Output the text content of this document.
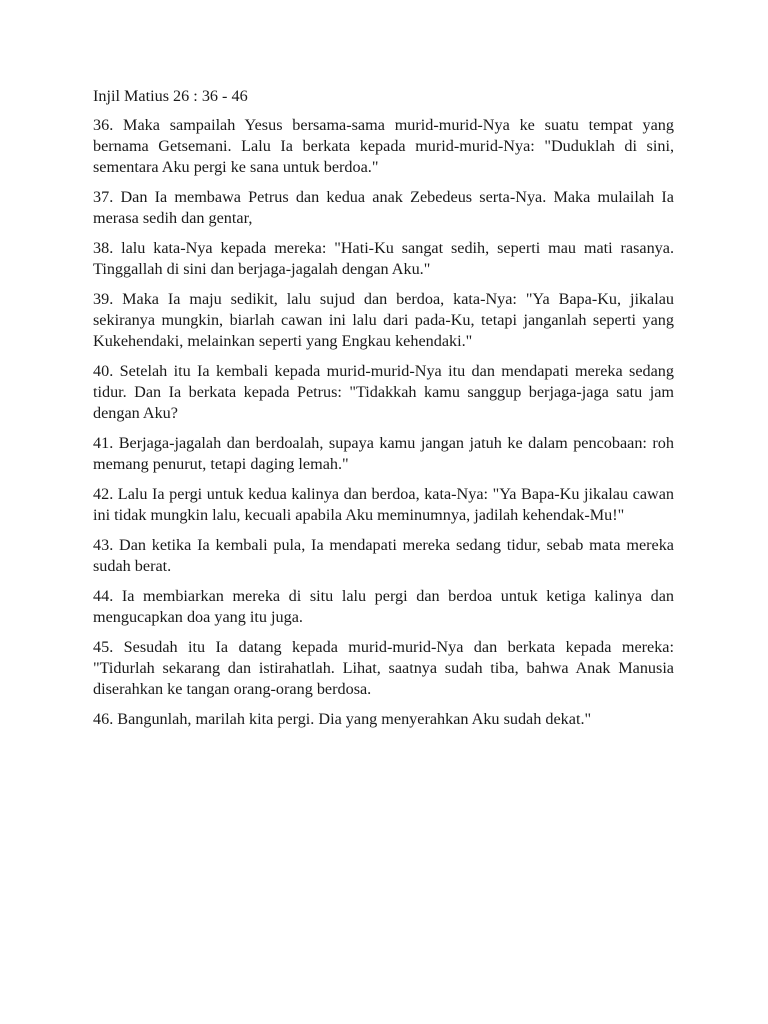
Injil Matius 26 : 36 - 46

36. Maka sampailah Yesus bersama-sama murid-murid-Nya ke suatu tempat yang bernama Getsemani. Lalu Ia berkata kepada murid-murid-Nya: "Duduklah di sini, sementara Aku pergi ke sana untuk berdoa."

37. Dan Ia membawa Petrus dan kedua anak Zebedeus serta-Nya. Maka mulailah Ia merasa sedih dan gentar,

38. lalu kata-Nya kepada mereka: "Hati-Ku sangat sedih, seperti mau mati rasanya. Tinggallah di sini dan berjaga-jagalah dengan Aku."

39. Maka Ia maju sedikit, lalu sujud dan berdoa, kata-Nya: "Ya Bapa-Ku, jikalau sekiranya mungkin, biarlah cawan ini lalu dari pada-Ku, tetapi janganlah seperti yang Kukehendaki, melainkan seperti yang Engkau kehendaki."

40. Setelah itu Ia kembali kepada murid-murid-Nya itu dan mendapati mereka sedang tidur. Dan Ia berkata kepada Petrus: "Tidakkah kamu sanggup berjaga-jaga satu jam dengan Aku?

41. Berjaga-jagalah dan berdoalah, supaya kamu jangan jatuh ke dalam pencobaan: roh memang penurut, tetapi daging lemah."

42. Lalu Ia pergi untuk kedua kalinya dan berdoa, kata-Nya: "Ya Bapa-Ku jikalau cawan ini tidak mungkin lalu, kecuali apabila Aku meminumnya, jadilah kehendak-Mu!"

43. Dan ketika Ia kembali pula, Ia mendapati mereka sedang tidur, sebab mata mereka sudah berat.

44. Ia membiarkan mereka di situ lalu pergi dan berdoa untuk ketiga kalinya dan mengucapkan doa yang itu juga.

45. Sesudah itu Ia datang kepada murid-murid-Nya dan berkata kepada mereka: "Tidurlah sekarang dan istirahatlah. Lihat, saatnya sudah tiba, bahwa Anak Manusia diserahkan ke tangan orang-orang berdosa.

46. Bangunlah, marilah kita pergi. Dia yang menyerahkan Aku sudah dekat."
